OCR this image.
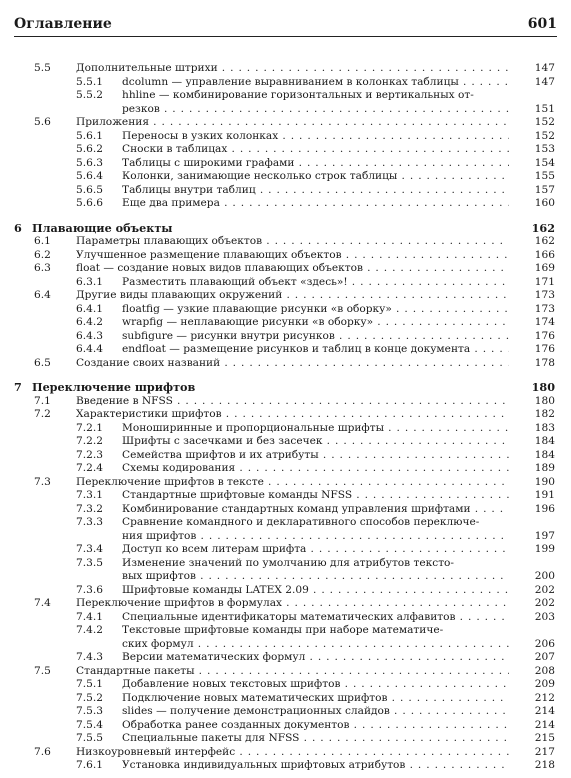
Оглавление	601
5.5 Дополнительные штрихи . . .	147
5.5.1 dcolumn — управление выравниванием в колонках таблицы . . .	147
5.5.2 hhline — комбинирование горизонтальных и вертикальных от-
резков . . .	151
5.6 Приложения . . .	152
5.6.1 Переносы в узких колонках . . .	152
5.6.2 Сноски в таблицах . . .	153
5.6.3 Таблицы с широкими графами . . .	154
5.6.4 Колонки, занимающие несколько строк таблицы . . .	155
5.6.5 Таблицы внутри таблиц . . .	157
5.6.6 Еще два примера . . .	160
6 Плавающие объекты	162
6.1 Параметры плавающих объектов . . .	162
6.2 Улучшенное размещение плавающих объектов . . .	166
6.3 float — создание новых видов плавающих объектов . . .	169
6.3.1 Разместить плавающий объект «здесь»! . . .	171
6.4 Другие виды плавающих окружений . . .	173
6.4.1 floatfig — узкие плавающие рисунки «в оборку» . . .	173
6.4.2 wrapfig — неплавающие рисунки «в оборку» . . .	174
6.4.3 subfigure — рисунки внутри рисунков . . .	176
6.4.4 endfloat — размещение рисунков и таблиц в конце документа . . .	176
6.5 Создание своих названий . . .	178
7 Переключение шрифтов	180
7.1 Введение в NFSS . . .	180
7.2 Характеристики шрифтов . . .	182
7.2.1 Моноширинные и пропорциональные шрифты . . .	183
7.2.2 Шрифты с засечками и без засечек . . .	184
7.2.3 Семейства шрифтов и их атрибуты . . .	184
7.2.4 Схемы кодирования . . .	189
7.3 Переключение шрифтов в тексте . . .	190
7.3.1 Стандартные шрифтовые команды NFSS . . .	191
7.3.2 Комбинирование стандартных команд управления шрифтами . . .	196
7.3.3 Сравнение командного и декларативного способов переключе-
ния шрифтов . . .	197
7.3.4 Доступ ко всем литерам шрифта . . .	199
7.3.5 Изменение значений по умолчанию для атрибутов тексто-
вых шрифтов . . .	200
7.3.6 Шрифтовые команды LATEX 2.09 . . .	202
7.4 Переключение шрифтов в формулах . . .	202
7.4.1 Специальные идентификаторы математических алфавитов . . .	203
7.4.2 Текстовые шрифтовые команды при наборе математиче-
ских формул . . .	206
7.4.3 Версии математических формул . . .	207
7.5 Стандартные пакеты . . .	208
7.5.1 Добавление новых текстовых шрифтов . . .	209
7.5.2 Подключение новых математических шрифтов . . .	212
7.5.3 slides — получение демонстрационных слайдов . . .	214
7.5.4 Обработка ранее созданных документов . . .	214
7.5.5 Специальные пакеты для NFSS . . .	215
7.6 Низкоуровневый интерфейс . . .	217
7.6.1 Установка индивидуальных шрифтовых атрибутов . . .	218
